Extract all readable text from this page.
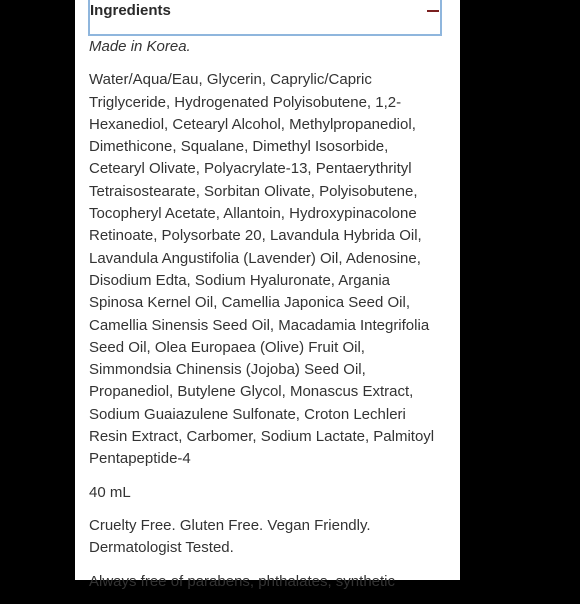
Ingredients

Made in Korea.

Water/Aqua/Eau, Glycerin, Caprylic/Capric Triglyceride, Hydrogenated Polyisobutene, 1,2-Hexanediol, Cetearyl Alcohol, Methylpropanediol, Dimethicone, Squalane, Dimethyl Isosorbide, Cetearyl Olivate, Polyacrylate-13, Pentaerythrityl Tetraisostearate, Sorbitan Olivate, Polyisobutene, Tocopheryl Acetate, Allantoin, Hydroxypinacolone Retinoate, Polysorbate 20, Lavandula Hybrida Oil, Lavandula Angustifolia (Lavender) Oil, Adenosine, Disodium Edta, Sodium Hyaluronate, Argania Spinosa Kernel Oil, Camellia Japonica Seed Oil, Camellia Sinensis Seed Oil, Macadamia Integrifolia Seed Oil, Olea Europaea (Olive) Fruit Oil, Simmondsia Chinensis (Jojoba) Seed Oil, Propanediol, Butylene Glycol, Monascus Extract, Sodium Guaiazulene Sulfonate, Croton Lechleri Resin Extract, Carbomer, Sodium Lactate, Palmitoyl Pentapeptide-4

40 mL

Cruelty Free. Gluten Free. Vegan Friendly. Dermatologist Tested.

Always free of parabens, phthalates, synthetic
